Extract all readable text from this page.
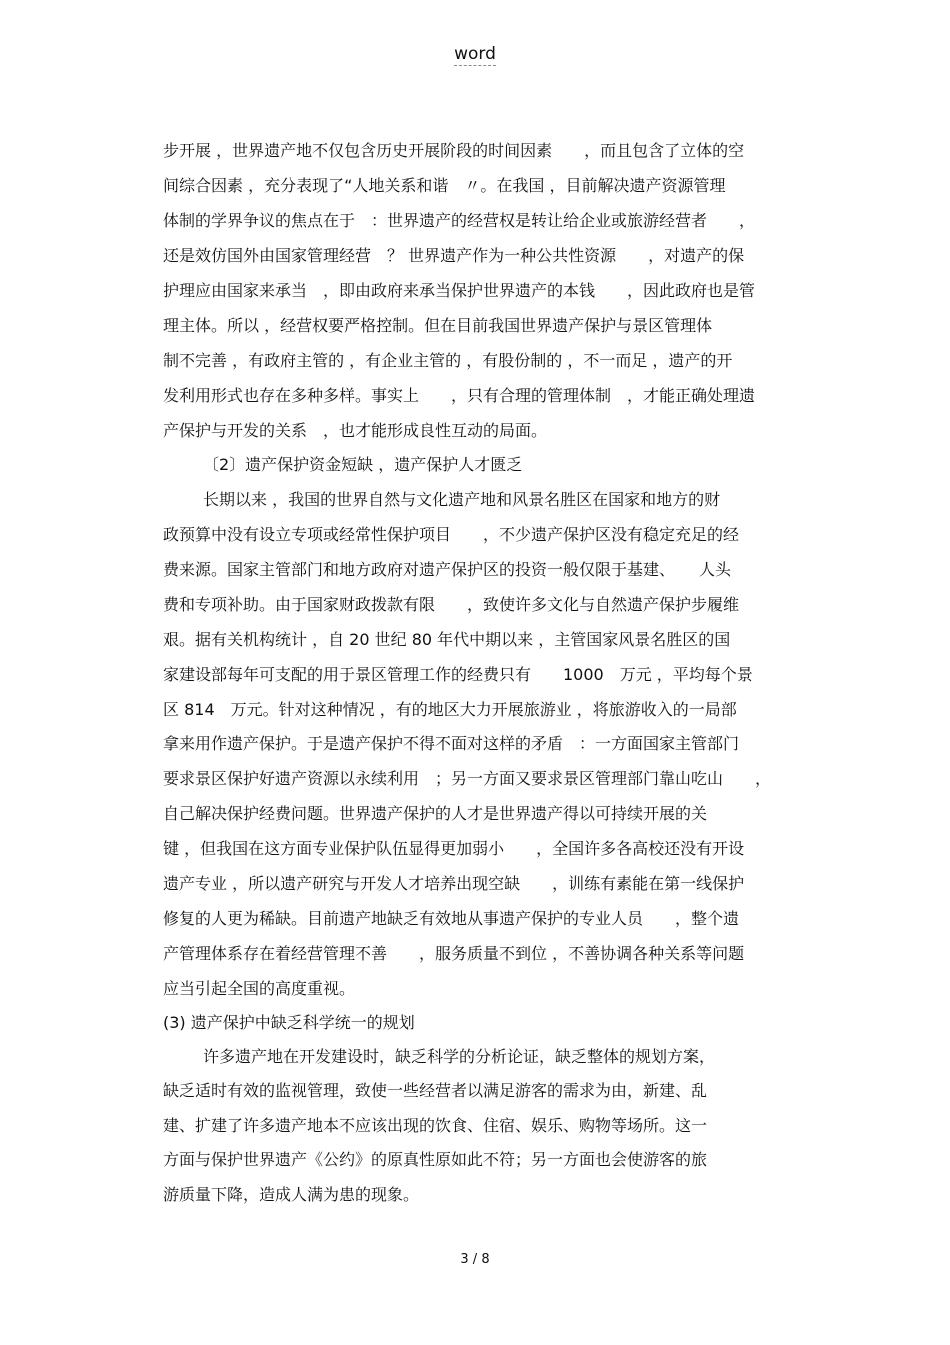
word
步开展 ，世界遗产地不仅包含历史开展阶段的时间因素　　，而且包含了立体的空
间综合因素 ，充分表现了“人地关系和谐　〃。在我国 ，目前解决遗产资源管理
体制的学界争议的焦点在于　：世界遗产的经营权是转让给企业或旅游经营者　　，
还是效仿国外由国家管理经营　？ 世界遗产作为一种公共性资源　　，对遗产的保
护理应由国家来承当　，即由政府来承当保护世界遗产的本钱　　，因此政府也是管
理主体。所以 ，经营权要严格控制。但在目前我国世界遗产保护与景区管理体
制不完善 ，有政府主管的 ，有企业主管的 ，有股份制的 ，不一而足 ，遗产的开
发利用形式也存在多种多样。事实上　　，只有合理的管理体制　，才能正确处理遗
产保护与开发的关系　，也才能形成良性互动的局面。
〔2〕遗产保护资金短缺 ，遗产保护人才匮乏
长期以来 ，我国的世界自然与文化遗产地和风景名胜区在国家和地方的财
政预算中没有设立专项或经常性保护项目　　，不少遗产保护区没有稳定充足的经
费来源。国家主管部门和地方政府对遗产保护区的投资一般仅限于基建、　　人头
费和专项补助。由于国家财政拨款有限　　，致使许多文化与自然遗产保护步履维
艰。据有关机构统计 ，自 20 世纪 80 年代中期以来 ，主管国家风景名胜区的国
家建设部每年可支配的用于景区管理工作的经费只有　　1000　万元 ，平均每个景
区 814　万元。针对这种情况 ，有的地区大力开展旅游业 ，将旅游收入的一局部
拿来用作遗产保护。于是遗产保护不得不面对这样的矛盾　：一方面国家主管部门
要求景区保护好遗产资源以永续利用　；另一方面又要求景区管理部门靠山吃山　　，
自己解决保护经费问题。世界遗产保护的人才是世界遗产得以可持续开展的关
键 ，但我国在这方面专业保护队伍显得更加弱小　　，全国许多各高校还没有开设
遗产专业 ，所以遗产研究与开发人才培养出现空缺　　，训练有素能在第一线保护
修复的人更为稀缺。目前遗产地缺乏有效地从事遗产保护的专业人员　　，整个遗
产管理体系存在着经营管理不善　　，服务质量不到位 ，不善协调各种关系等问题
应当引起全国的高度重视。
(3) 遗产保护中缺乏科学统一的规划
许多遗产地在开发建设时，缺乏科学的分析论证，缺乏整体的规划方案，
缺乏适时有效的监视管理，致使一些经营者以满足游客的需求为由，新建、乱
建、扩建了许多遗产地本不应该出现的饮食、住宿、娱乐、购物等场所。这一
方面与保护世界遗产《公约》的原真性原如此不符；另一方面也会使游客的旅
游质量下降，造成人满为患的现象。
3 / 8
